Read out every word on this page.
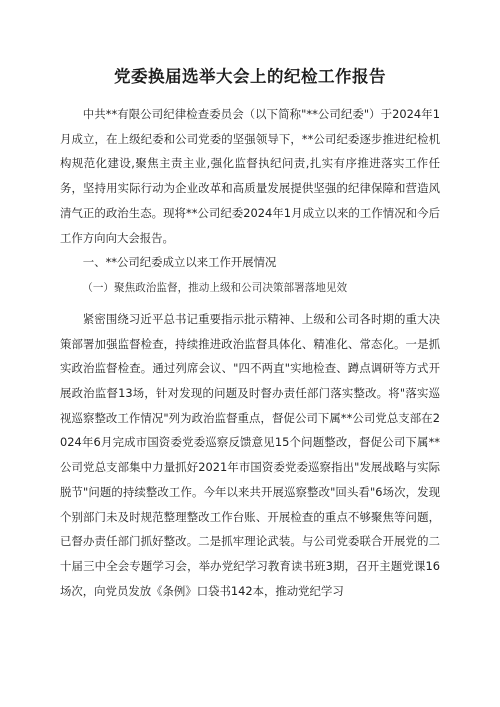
党委换届选举大会上的纪检工作报告

中共**有限公司纪律检查委员会（以下简称"**公司纪委"）于2024年1月成立，在上级纪委和公司党委的坚强领导下，**公司纪委逐步推进纪检机构规范化建设,聚焦主责主业,强化监督执纪问责,扎实有序推进落实工作任务，坚持用实际行动为企业改革和高质量发展提供坚强的纪律保障和营造风清气正的政治生态。现将**公司纪委2024年1月成立以来的工作情况和今后工作方向向大会报告。

一、**公司纪委成立以来工作开展情况

（一）聚焦政治监督，推动上级和公司决策部署落地见效

紧密围绕习近平总书记重要指示批示精神、上级和公司各时期的重大决策部署加强监督检查，持续推进政治监督具体化、精准化、常态化。一是抓实政治监督检查。通过列席会议、"四不两直"实地检查、蹲点调研等方式开展政治监督13场，针对发现的问题及时督办责任部门落实整改。将"落实巡视巡察整改工作情况"列为政治监督重点，督促公司下属**公司党总支部在2024年6月完成市国资委党委巡察反馈意见15个问题整改，督促公司下属**公司党总支部集中力量抓好2021年市国资委党委巡察指出"发展战略与实际脱节"问题的持续整改工作。今年以来共开展巡察整改"回头看"6场次，发现个别部门未及时规范整理整改工作台账、开展检查的重点不够聚焦等问题，已督办责任部门抓好整改。二是抓牢理论武装。与公司党委联合开展党的二十届三中全会专题学习会，举办党纪学习教育读书班3期，召开主题党课16场次，向党员发放《条例》口袋书142本，推动党纪学习
